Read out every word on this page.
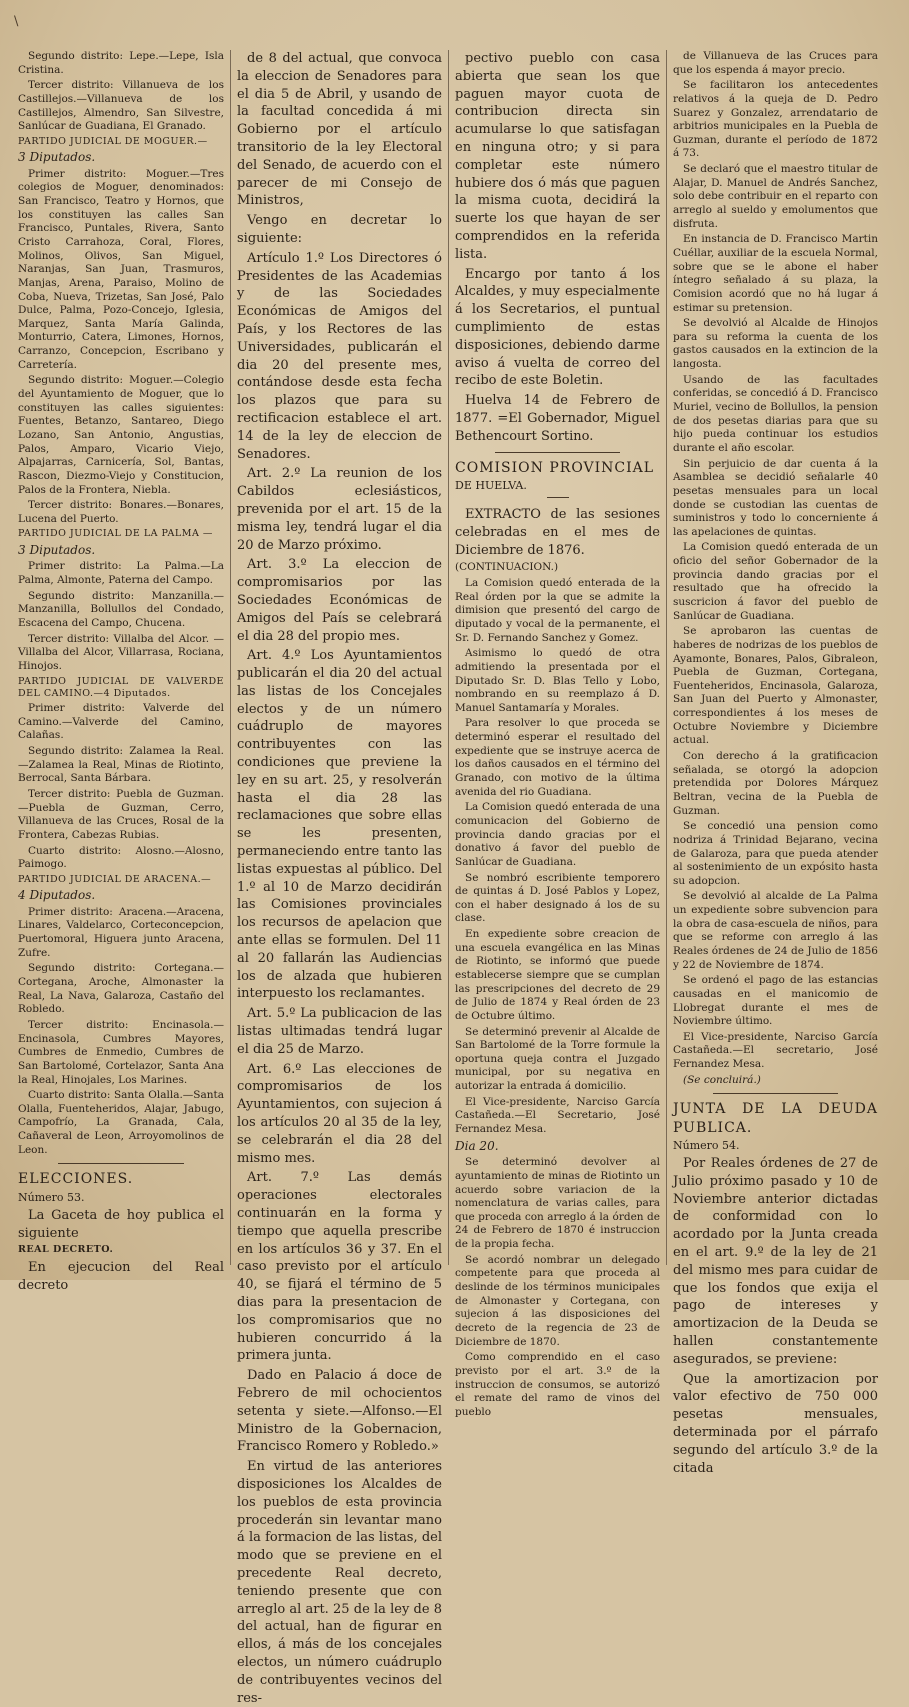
\

Segundo distrito: Lepe.—Lepe, Isla Cristina.

Tercer distrito: Villanueva de los Castillejos.—Villanueva de los Castillejos, Almendro, San Silvestre, Sanlúcar de Guadiana, El Granado.

PARTIDO JUDICIAL DE MOGUER.—

3 Diputados.

Primer distrito: Moguer.—Tres colegios de Moguer, denominados: San Francisco, Teatro y Hornos, que los constituyen las calles San Francisco, Puntales, Rivera, Santo Cristo Carrahoza, Coral, Flores, Molinos, Olivos, San Miguel, Naranjas, San Juan, Trasmuros, Manjas, Arena, Paraiso, Molino de Coba, Nueva, Trizetas, San José, Palo Dulce, Palma, Pozo-Concejo, Iglesia, Marquez, Santa María Galinda, Monturrio, Catera, Limones, Hornos, Carranzo, Concepcion, Escribano y Carretería.

Segundo distrito: Moguer.—Colegio del Ayuntamiento de Moguer, que lo constituyen las calles siguientes: Fuentes, Betanzo, Santareo, Diego Lozano, San Antonio, Angustias, Palos, Amparo, Vicario Viejo, Alpajarras, Carnicería, Sol, Bantas, Rascon, Diezmo-Viejo y Constitucion, Palos de la Frontera, Niebla.

Tercer distrito: Bonares.—Bonares, Lucena del Puerto.

PARTIDO JUDICIAL DE LA PALMA —

3 Diputados.

Primer distrito: La Palma.—La Palma, Almonte, Paterna del Campo.

Segundo distrito: Manzanilla.—Manzanilla, Bollullos del Condado, Escacena del Campo, Chucena.

Tercer distrito: Villalba del Alcor. —Villalba del Alcor, Villarrasa, Rociana, Hinojos.

PARTIDO JUDICIAL DE VALVERDE DEL CAMINO.—4 Diputados.

Primer distrito: Valverde del Camino.—Valverde del Camino, Calañas.

Segundo distrito: Zalamea la Real. —Zalamea la Real, Minas de Riotinto, Berrocal, Santa Bárbara.

Tercer distrito: Puebla de Guzman. —Puebla de Guzman, Cerro, Villanueva de las Cruces, Rosal de la Frontera, Cabezas Rubias.

Cuarto distrito: Alosno.—Alosno, Paimogo.

PARTIDO JUDICIAL DE ARACENA.—

4 Diputados.

Primer distrito: Aracena.—Aracena, Linares, Valdelarco, Corteconcepcion, Puertomoral, Higuera junto Aracena, Zufre.

Segundo distrito: Cortegana.—Cortegana, Aroche, Almonaster la Real, La Nava, Galaroza, Castaño del Robledo.

Tercer distrito: Encinasola.—Encinasola, Cumbres Mayores, Cumbres de Enmedio, Cumbres de San Bartolomé, Cortelazor, Santa Ana la Real, Hinojales, Los Marines.

Cuarto distrito: Santa Olalla.—Santa Olalla, Fuenteheridos, Alajar, Jabugo, Campofrío, La Granada, Cala, Cañaveral de Leon, Arroyomolinos de Leon.

ELECCIONES.

Número 53.

La Gaceta de hoy publica el siguiente

REAL DECRETO.

En ejecucion del Real decreto

de 8 del actual, que convoca la eleccion de Senadores para el dia 5 de Abril, y usando de la facultad concedida á mi Gobierno por el artículo transitorio de la ley Electoral del Senado, de acuerdo con el parecer de mi Consejo de Ministros,

Vengo en decretar lo siguiente:

Artículo 1.º Los Directores ó Presidentes de las Academias y de las Sociedades Económicas de Amigos del País, y los Rectores de las Universidades, publicarán el dia 20 del presente mes, contándose desde esta fecha los plazos que para su rectificacion establece el art. 14 de la ley de eleccion de Senadores.

Art. 2.º La reunion de los Cabildos eclesiásticos, prevenida por el art. 15 de la misma ley, tendrá lugar el dia 20 de Marzo próximo.

Art. 3.º La eleccion de compromisarios por las Sociedades Económicas de Amigos del País se celebrará el dia 28 del propio mes.

Art. 4.º Los Ayuntamientos publicarán el dia 20 del actual las listas de los Concejales electos y de un número cuádruplo de mayores contribuyentes con las condiciones que previene la ley en su art. 25, y resolverán hasta el dia 28 las reclamaciones que sobre ellas se les presenten, permaneciendo entre tanto las listas expuestas al público. Del 1.º al 10 de Marzo decidirán las Comisiones provinciales los recursos de apelacion que ante ellas se formulen. Del 11 al 20 fallarán las Audiencias los de alzada que hubieren interpuesto los reclamantes.

Art. 5.º La publicacion de las listas ultimadas tendrá lugar el dia 25 de Marzo.

Art. 6.º Las elecciones de compromisarios de los Ayuntamientos, con sujecion á los artículos 20 al 35 de la ley, se celebrarán el dia 28 del mismo mes.

Art. 7.º Las demás operaciones electorales continuarán en la forma y tiempo que aquella prescribe en los artículos 36 y 37. En el caso previsto por el artículo 40, se fijará el término de 5 dias para la presentacion de los compromisarios que no hubieren concurrido á la primera junta.

Dado en Palacio á doce de Febrero de mil ochocientos setenta y siete.—Alfonso.—El Ministro de la Gobernacion, Francisco Romero y Robledo.»

En virtud de las anteriores disposiciones los Alcaldes de los pueblos de esta provincia procederán sin levantar mano á la formacion de las listas, del modo que se previene en el precedente Real decreto, teniendo presente que con arreglo al art. 25 de la ley de 8 del actual, han de figurar en ellos, á más de los concejales electos, un número cuádruplo de contribuyentes vecinos del res-

pectivo pueblo con casa abierta que sean los que paguen mayor cuota de contribucion directa sin acumularse lo que satisfagan en ninguna otro; y si para completar este número hubiere dos ó más que paguen la misma cuota, decidirá la suerte los que hayan de ser comprendidos en la referida lista.

Encargo por tanto á los Alcaldes, y muy especialmente á los Secretarios, el puntual cumplimiento de estas disposiciones, debiendo darme aviso á vuelta de correo del recibo de este Boletin.

Huelva 14 de Febrero de 1877. =El Gobernador, Miguel Bethencourt Sortino.

COMISION PROVINCIAL

DE HUELVA.

EXTRACTO de las sesiones celebradas en el mes de Diciembre de 1876.

(CONTINUACION.)

La Comision quedó enterada de la Real órden por la que se admite la dimision que presentó del cargo de diputado y vocal de la permanente, el Sr. D. Fernando Sanchez y Gomez.

Asimismo lo quedó de otra admitiendo la presentada por el Diputado Sr. D. Blas Tello y Lobo, nombrando en su reemplazo á D. Manuel Santamaría y Morales.

Para resolver lo que proceda se determinó esperar el resultado del expediente que se instruye acerca de los daños causados en el término del Granado, con motivo de la última avenida del rio Guadiana.

La Comision quedó enterada de una comunicacion del Gobierno de provincia dando gracias por el donativo á favor del pueblo de Sanlúcar de Guadiana.

Se nombró escribiente temporero de quintas á D. José Pablos y Lopez, con el haber designado á los de su clase.

En expediente sobre creacion de una escuela evangélica en las Minas de Riotinto, se informó que puede establecerse siempre que se cumplan las prescripciones del decreto de 29 de Julio de 1874 y Real órden de 23 de Octubre último.

Se determinó prevenir al Alcalde de San Bartolomé de la Torre formule la oportuna queja contra el Juzgado municipal, por su negativa en autorizar la entrada á domicilio.

El Vice-presidente, Narciso García Castañeda.—El Secretario, José Fernandez Mesa.

Dia 20.

Se determinó devolver al ayuntamiento de minas de Riotinto un acuerdo sobre variacion de la nomenclatura de varias calles, para que proceda con arreglo á la órden de 24 de Febrero de 1870 é instruccion de la propia fecha.

Se acordó nombrar un delegado competente para que proceda al deslinde de los términos municipales de Almonaster y Cortegana, con sujecion á las disposiciones del decreto de la regencia de 23 de Diciembre de 1870.

Como comprendido en el caso previsto por el art. 3.º de la instruccion de consumos, se autorizó el remate del ramo de vinos del pueblo

de Villanueva de las Cruces para que los espenda á mayor precio.

Se facilitaron los antecedentes relativos á la queja de D. Pedro Suarez y Gonzalez, arrendatario de arbitrios municipales en la Puebla de Guzman, durante el período de 1872 á 73.

Se declaró que el maestro titular de Alajar, D. Manuel de Andrés Sanchez, solo debe contribuir en el reparto con arreglo al sueldo y emolumentos que disfruta.

En instancia de D. Francisco Martin Cuéllar, auxiliar de la escuela Normal, sobre que se le abone el haber íntegro señalado á su plaza, la Comision acordó que no há lugar á estimar su pretension.

Se devolvió al Alcalde de Hinojos para su reforma la cuenta de los gastos causados en la extincion de la langosta.

Usando de las facultades conferidas, se concedió á D. Francisco Muriel, vecino de Bollullos, la pension de dos pesetas diarias para que su hijo pueda continuar los estudios durante el año escolar.

Sin perjuicio de dar cuenta á la Asamblea se decidió señalarle 40 pesetas mensuales para un local donde se custodian las cuentas de suministros y todo lo concerniente á las apelaciones de quintas.

La Comision quedó enterada de un oficio del señor Gobernador de la provincia dando gracias por el resultado que ha ofrecido la suscricion á favor del pueblo de Sanlúcar de Guadiana.

Se aprobaron las cuentas de haberes de nodrizas de los pueblos de Ayamonte, Bonares, Palos, Gibraleon, Puebla de Guzman, Cortegana, Fuenteheridos, Encinasola, Galaroza, San Juan del Puerto y Almonaster, correspondientes á los meses de Octubre Noviembre y Diciembre actual.

Con derecho á la gratificacion señalada, se otorgó la adopcion pretendida por Dolores Márquez Beltran, vecina de la Puebla de Guzman.

Se concedió una pension como nodriza á Trinidad Bejarano, vecina de Galaroza, para que pueda atender al sostenimiento de un expósito hasta su adopcion.

Se devolvió al alcalde de La Palma un expediente sobre subvencion para la obra de casa-escuela de niños, para que se reforme con arreglo á las Reales órdenes de 24 de Julio de 1856 y 22 de Noviembre de 1874.

Se ordenó el pago de las estancias causadas en el manicomio de Llobregat durante el mes de Noviembre último.

El Vice-presidente, Narciso García Castañeda.—El secretario, José Fernandez Mesa.

(Se concluirá.)

JUNTA DE LA DEUDA PUBLICA.

Número 54.

Por Reales órdenes de 27 de Julio próximo pasado y 10 de Noviembre anterior dictadas de conformidad con lo acordado por la Junta creada en el art. 9.º de la ley de 21 del mismo mes para cuidar de que los fondos que exija el pago de intereses y amortizacion de la Deuda se hallen constantemente asegurados, se previene:

Que la amortizacion por valor efectivo de 750 000 pesetas mensuales, determinada por el párrafo segundo del artículo 3.º de la citada
